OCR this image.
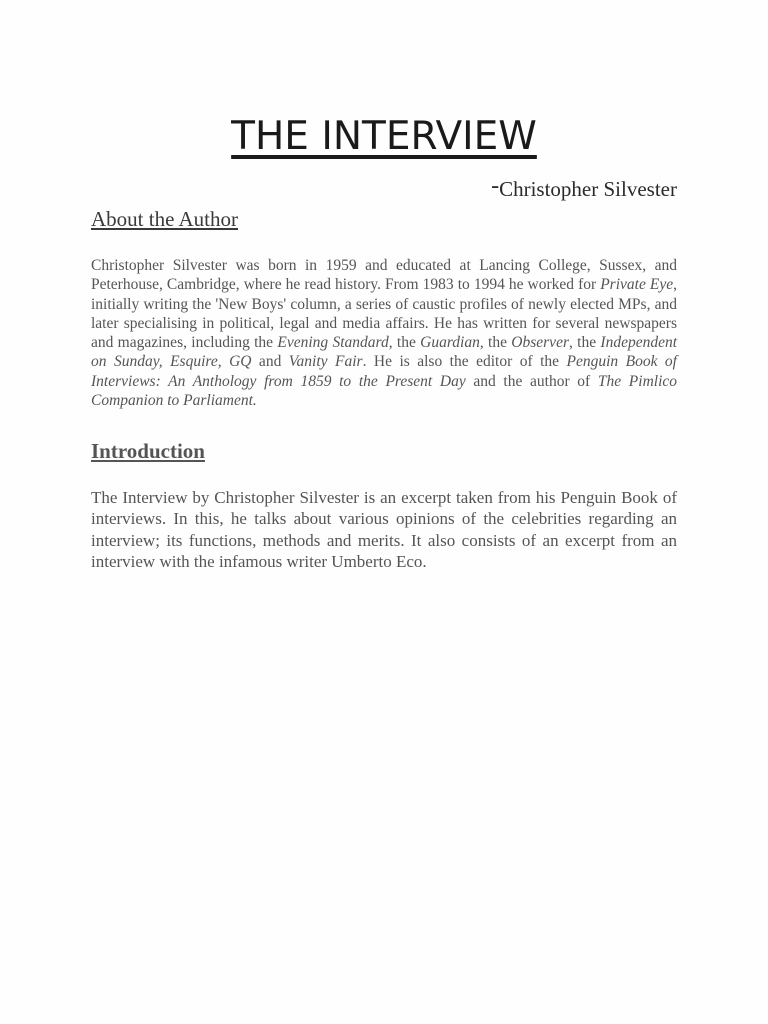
THE INTERVIEW

-Christopher Silvester

About the Author

Christopher Silvester was born in 1959 and educated at Lancing College, Sussex, and Peterhouse, Cambridge, where he read history. From 1983 to 1994 he worked for Private Eye, initially writing the 'New Boys' column, a series of caustic profiles of newly elected MPs, and later specialising in political, legal and media affairs. He has written for several newspapers and magazines, including the Evening Standard, the Guardian, the Observer, the Independent on Sunday, Esquire, GQ and Vanity Fair. He is also the editor of the Penguin Book of Interviews: An Anthology from 1859 to the Present Day and the author of The Pimlico Companion to Parliament.

Introduction

The Interview by Christopher Silvester is an excerpt taken from his Penguin Book of interviews. In this, he talks about various opinions of the celebrities regarding an interview; its functions, methods and merits. It also consists of an excerpt from an interview with the infamous writer Umberto Eco.
